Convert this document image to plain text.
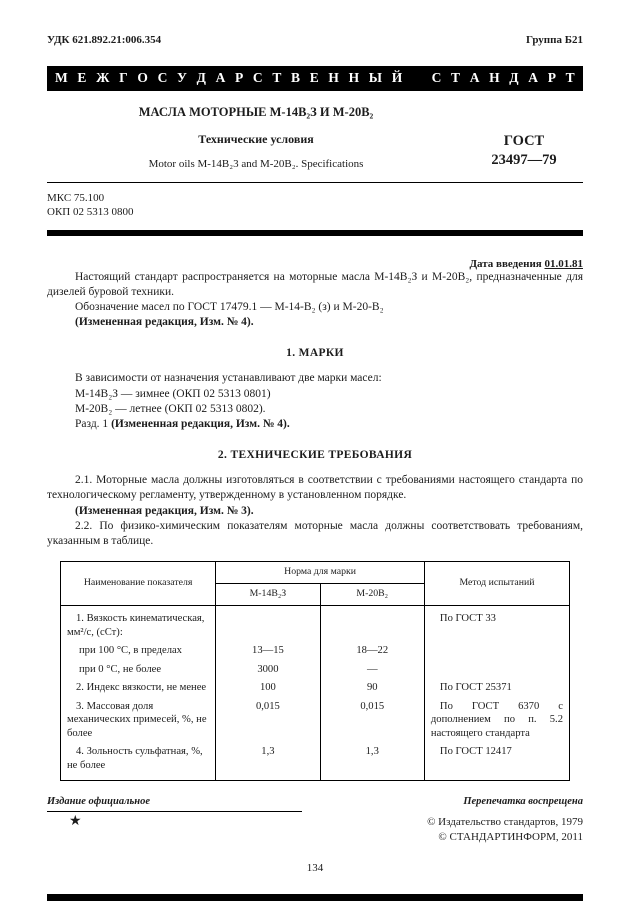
УДК 621.892.21:006.354	Группа Б21
М Е Ж Г О С У Д А Р С Т В Е Н Н Ы Й С Т А Н Д А Р Т
МАСЛА МОТОРНЫЕ М-14В₂З И М-20В₂
Технические условия
Motor oils M-14B₂3 and M-20B₂. Specifications
ГОСТ
23497—79
МКС 75.100
ОКП 02 5313 0800
Дата введения 01.01.81

Настоящий стандарт распространяется на моторные масла М-14В₂З и М-20В₂, предназначенные для дизелей буровой техники.

Обозначение масел по ГОСТ 17479.1 — М-14-В₂ (з) и М-20-В₂

(Измененная редакция, Изм. № 4).

1. МАРКИ

В зависимости от назначения устанавливают две марки масел:

М-14В₂З — зимнее (ОКП 02 5313 0801)

М-20В₂ — летнее (ОКП 02 5313 0802).

Разд. 1 (Измененная редакция, Изм. № 4).

2. ТЕХНИЧЕСКИЕ ТРЕБОВАНИЯ

2.1. Моторные масла должны изготовляться в соответствии с требованиями настоящего стандарта по технологическому регламенту, утвержденному в установленном порядке.

(Измененная редакция, Изм. № 3).

2.2. По физико-химическим показателям моторные масла должны соответствовать требованиям, указанным в таблице.

Наименование показателя	Норма для марки		Метод испытаний
	М-14В₂З	М-20В₂	
1. Вязкость кинематическая, мм²/с, (сСт):			По ГОСТ 33
при 100 °С, в пределах	13—15	18—22	
при 0 °С, не более	3000	—	
2. Индекс вязкости, не менее	100	90	По ГОСТ 25371
3. Массовая доля механических примесей, %, не более	0,015	0,015	По ГОСТ 6370 с дополнением по п. 5.2 настоящего стандарта
4. Зольность сульфатная, %, не более	1,3	1,3	По ГОСТ 12417
Издание официальное	Перепечатка воспрещена
★	© Издательство стандартов, 1979
© СТАНДАРТИНФОРМ, 2011
134
